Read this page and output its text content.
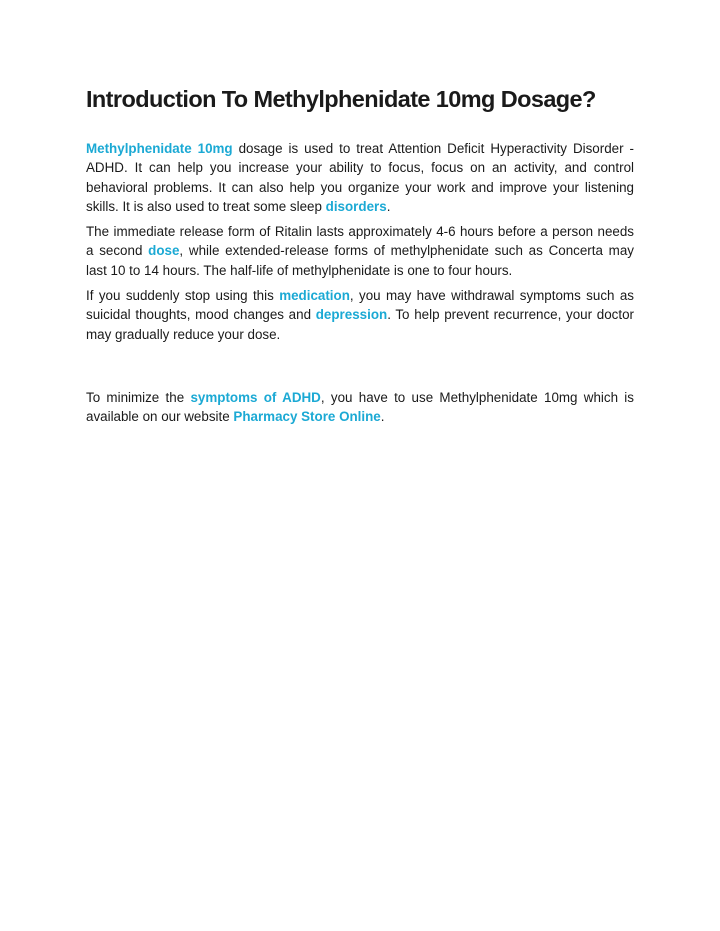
Introduction To Methylphenidate 10mg Dosage?

Methylphenidate 10mg dosage is used to treat Attention Deficit Hyperactivity Disorder - ADHD. It can help you increase your ability to focus, focus on an activity, and control behavioral problems. It can also help you organize your work and improve your listening skills. It is also used to treat some sleep disorders.

The immediate release form of Ritalin lasts approximately 4-6 hours before a person needs a second dose, while extended-release forms of methylphenidate such as Concerta may last 10 to 14 hours. The half-life of methylphenidate is one to four hours.

If you suddenly stop using this medication, you may have withdrawal symptoms such as suicidal thoughts, mood changes and depression. To help prevent recurrence, your doctor may gradually reduce your dose.

To minimize the symptoms of ADHD, you have to use Methylphenidate 10mg which is available on our website Pharmacy Store Online.
